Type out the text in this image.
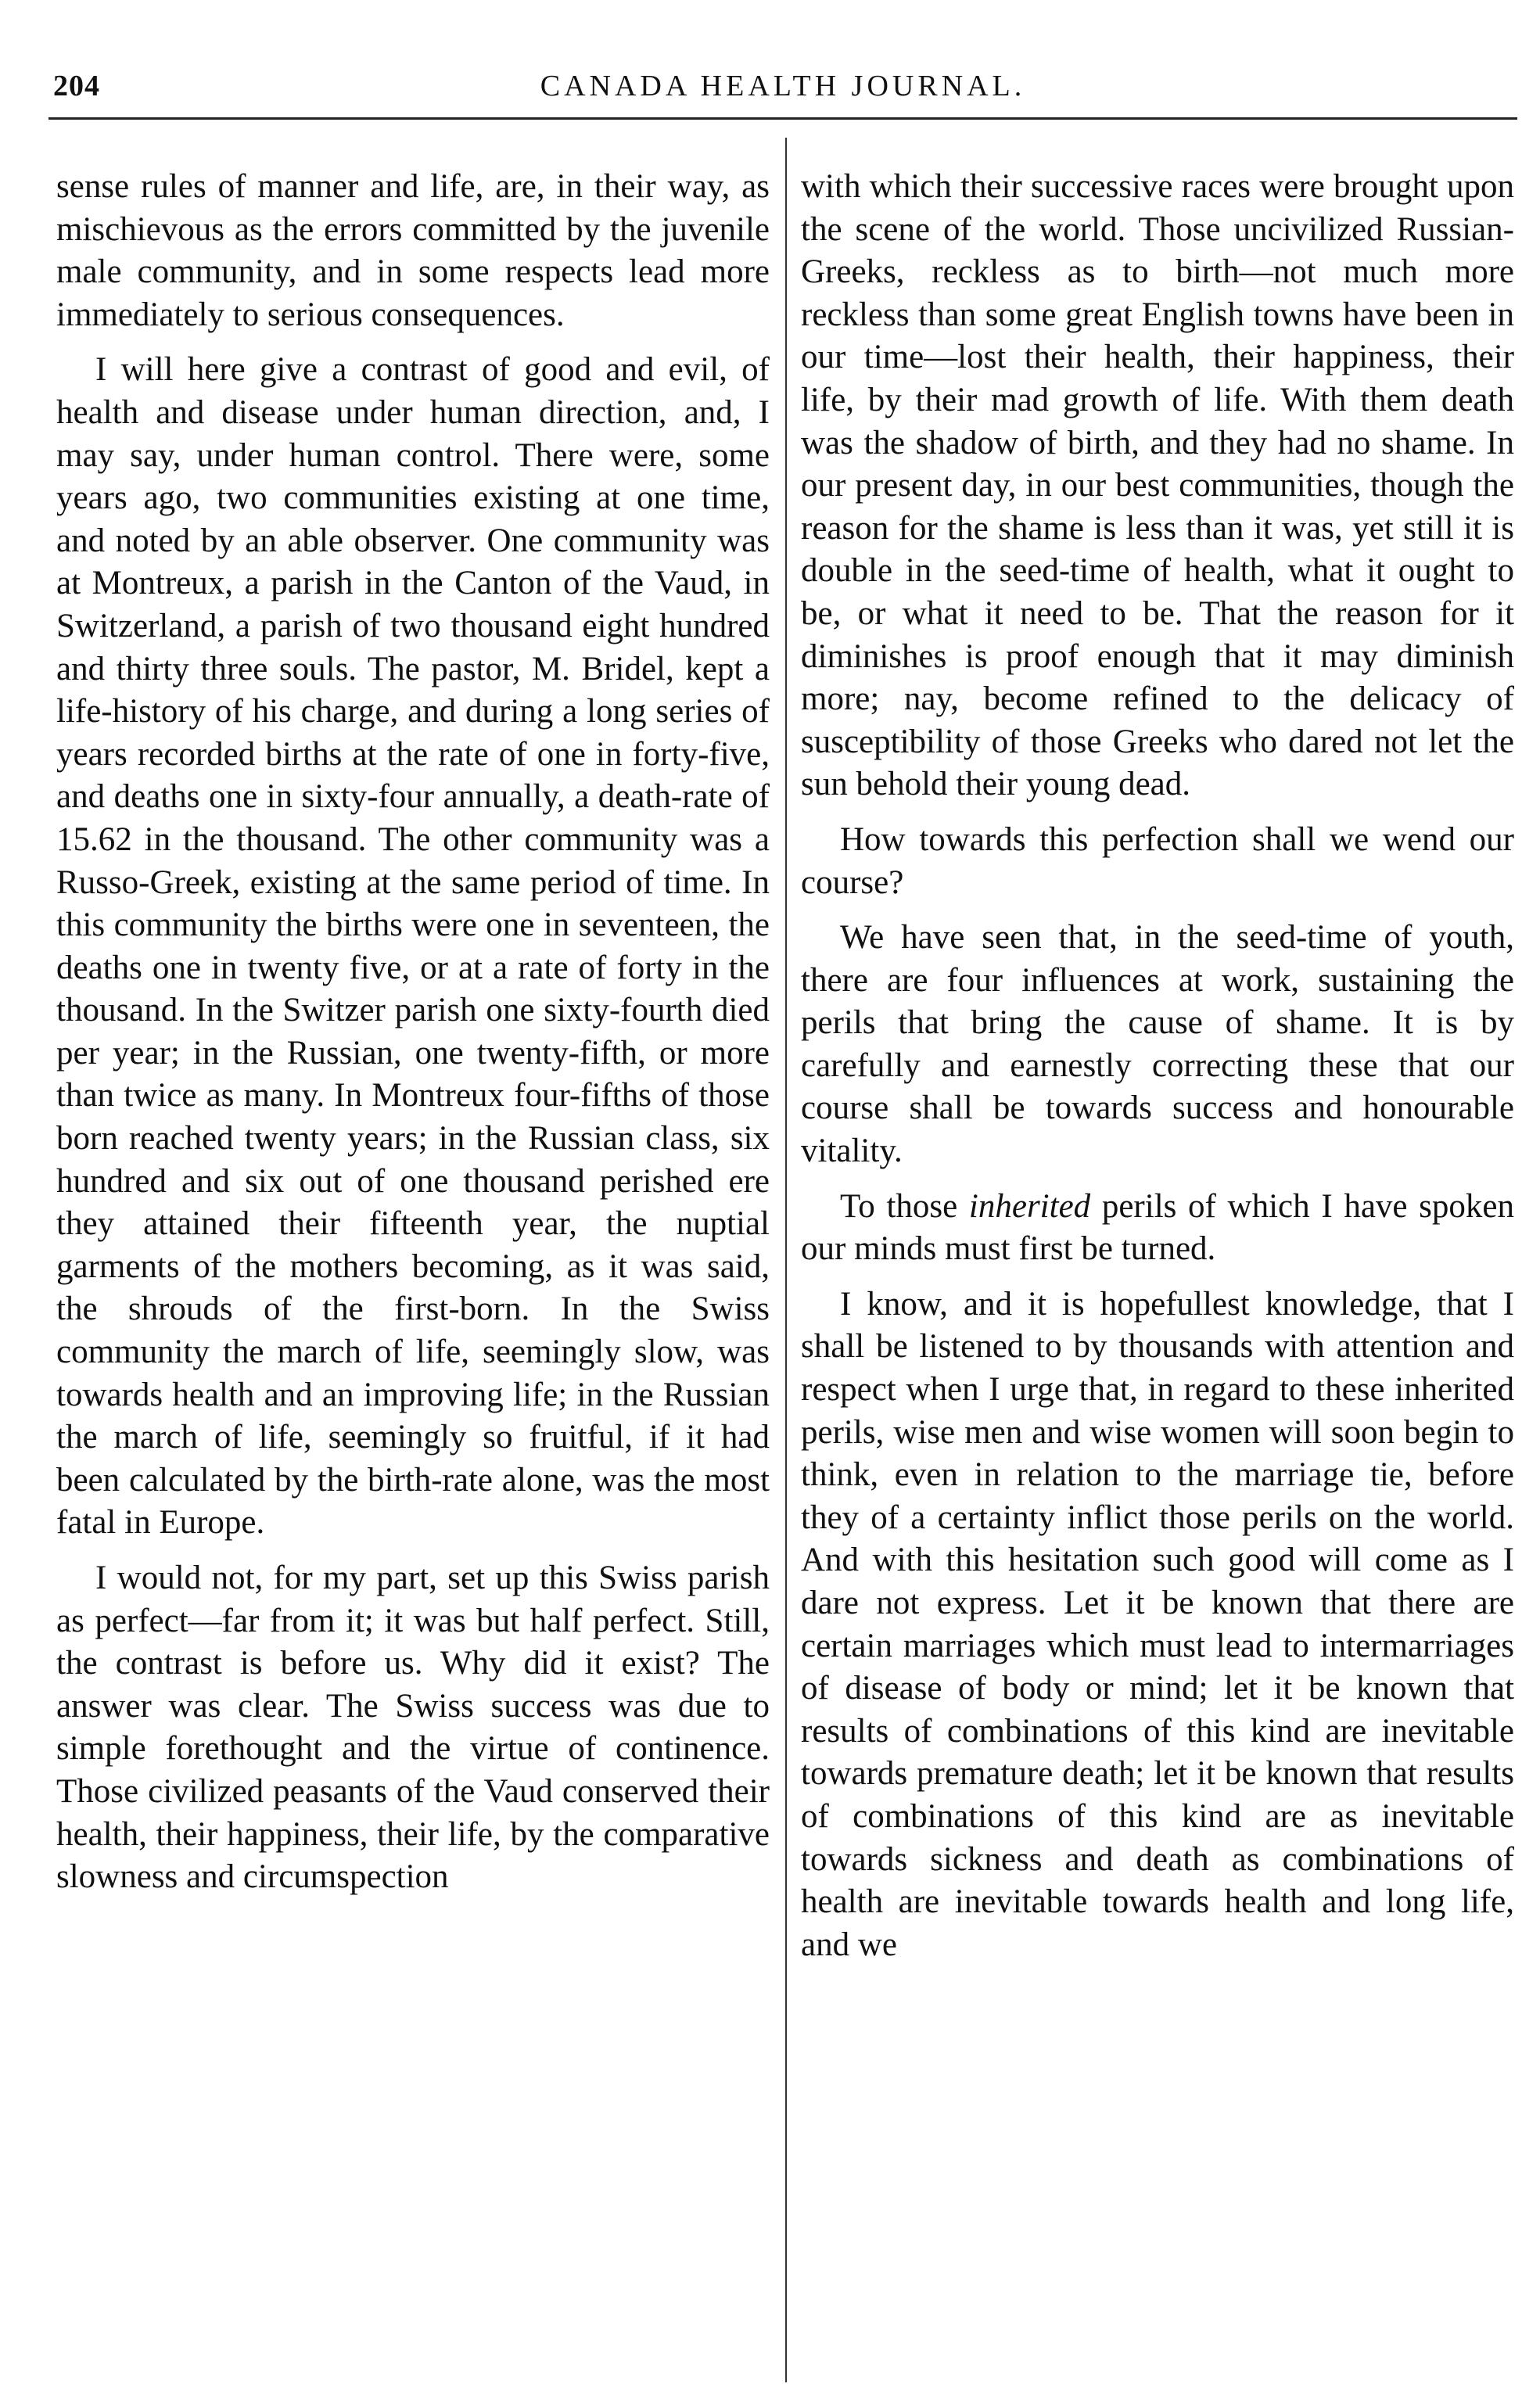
204	CANADA HEALTH JOURNAL.

sense rules of manner and life, are, in their way, as mischievous as the errors committed by the juvenile male community, and in some respects lead more immediately to serious consequences.

I will here give a contrast of good and evil, of health and disease under human direction, and, I may say, under human control. There were, some years ago, two communities existing at one time, and noted by an able observer. One community was at Montreux, a parish in the Canton of the Vaud, in Switzerland, a parish of two thousand eight hundred and thirty three souls. The pastor, M. Bridel, kept a life-history of his charge, and during a long series of years recorded births at the rate of one in forty-five, and deaths one in sixty-four annually, a death-rate of 15.62 in the thousand. The other community was a Russo-Greek, existing at the same period of time. In this community the births were one in seventeen, the deaths one in twenty five, or at a rate of forty in the thousand. In the Switzer parish one sixty-fourth died per year; in the Russian, one twenty-fifth, or more than twice as many. In Montreux four-fifths of those born reached twenty years; in the Russian class, six hundred and six out of one thousand perished ere they attained their fifteenth year, the nuptial garments of the mothers becoming, as it was said, the shrouds of the first-born. In the Swiss community the march of life, seemingly slow, was towards health and an improving life; in the Russian the march of life, seemingly so fruitful, if it had been calculated by the birth-rate alone, was the most fatal in Europe.

I would not, for my part, set up this Swiss parish as perfect—far from it; it was but half perfect. Still, the contrast is before us. Why did it exist? The answer was clear. The Swiss success was due to simple forethought and the virtue of continence. Those civilized peasants of the Vaud conserved their health, their happiness, their life, by the comparative slowness and circumspection

with which their successive races were brought upon the scene of the world. Those uncivilized Russian-Greeks, reckless as to birth—not much more reckless than some great English towns have been in our time—lost their health, their happiness, their life, by their mad growth of life. With them death was the shadow of birth, and they had no shame. In our present day, in our best communities, though the reason for the shame is less than it was, yet still it is double in the seed-time of health, what it ought to be, or what it need to be. That the reason for it diminishes is proof enough that it may diminish more; nay, become refined to the delicacy of susceptibility of those Greeks who dared not let the sun behold their young dead.

How towards this perfection shall we wend our course?

We have seen that, in the seed-time of youth, there are four influences at work, sustaining the perils that bring the cause of shame. It is by carefully and earnestly correcting these that our course shall be towards success and honourable vitality.

To those inherited perils of which I have spoken our minds must first be turned.

I know, and it is hopefullest knowledge, that I shall be listened to by thousands with attention and respect when I urge that, in regard to these inherited perils, wise men and wise women will soon begin to think, even in relation to the marriage tie, before they of a certainty inflict those perils on the world. And with this hesitation such good will come as I dare not express. Let it be known that there are certain marriages which must lead to intermarriages of disease of body or mind; let it be known that results of combinations of this kind are inevitable towards premature death; let it be known that results of combinations of this kind are as inevitable towards sickness and death as combinations of health are inevitable towards health and long life, and we
